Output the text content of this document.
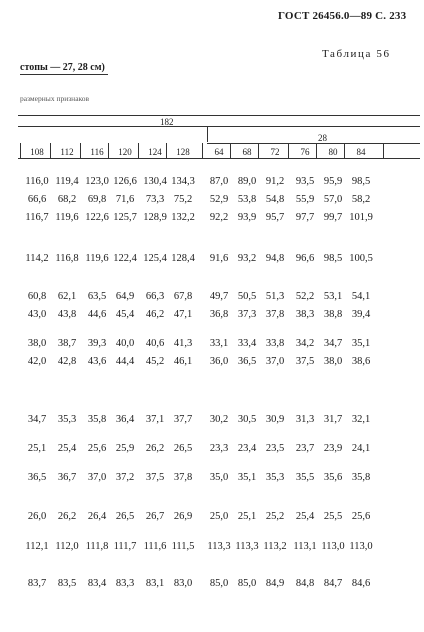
ГОСТ 26456.0—89 С. 233
Таблица 56
стопы — 27, 28 см)
размерных признаков
182
28
108	112	116	120	124	128	64	68	72	76	80	84
116,0 119,4 123,0 126,6 130,4 134,3	87,0 89,0 91,2	93,5 95,9 98,5
66,6	68,2	69,8 71,6	73,3 75,2	52,9 53,8 54,8	55,9 57,0 58,2
116,7 119,6 122,6 125,7 128,9 132,2	92,2 93,9 95,7	97,7 99,7 101,9
114,2 116,8 119,6 122,4 125,4 128,4	91,6 93,2 94,8	96,6 98,5 100,5
60,8	62,1	63,5 64,9	66,3 67,8	49,7 50,5 51,3	52,2 53,1 54,1
43,0	43,8	44,6 45,4	46,2 47,1	36,8 37,3 37,8	38,3 38,8 39,4
38,0	38,7	39,3 40,0	40,6 41,3	33,1 33,4 33,8	34,2 34,7 35,1
42,0	42,8	43,6 44,4	45,2 46,1	36,0 36,5 37,0	37,5 38,0 38,6
34,7	35,3	35,8 36,4	37,1 37,7	30,2 30,5 30,9	31,3 31,7 32,1
25,1	25,4	25,6 25,9	26,2 26,5	23,3 23,4 23,5	23,7 23,9 24,1
36,5	36,7	37,0 37,2	37,5 37,8	35,0 35,1 35,3	35,5 35,6 35,8
26,0	26,2	26,4 26,5	26,7 26,9	25,0 25,1 25,2	25,4 25,5 25,6
112,1 112,0 111,8 111,7 111,6 111,5	113,3 113,3 113,2 113,1 113,0 113,0
83,7	83,5	83,4 83,3	83,1 83,0	85,0 85,0 84,9	84,8 84,7 84,6
